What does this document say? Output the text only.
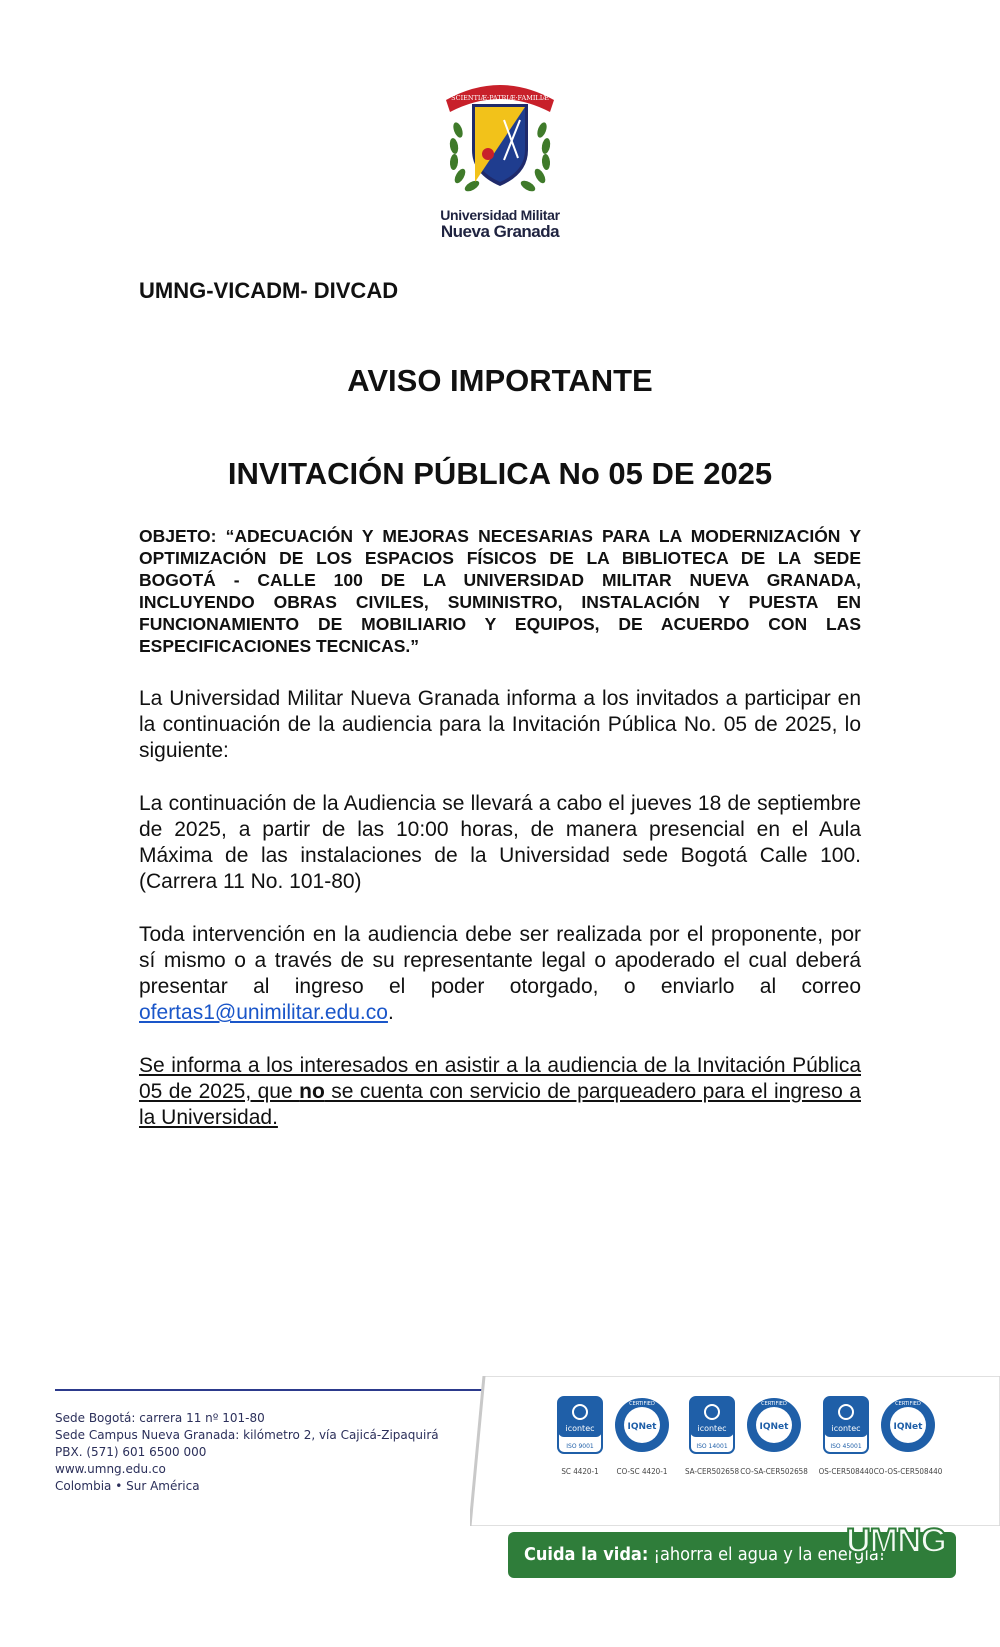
SCIENTIÆ·PATRIÆ·FAMILIÆ
Universidad Militar
Nueva Granada
UMNG-VICADM- DIVCAD
AVISO IMPORTANTE
INVITACIÓN PÚBLICA No 05 DE 2025
OBJETO: “ADECUACIÓN Y MEJORAS NECESARIAS PARA LA MODERNIZACIÓN Y OPTIMIZACIÓN DE LOS ESPACIOS FÍSICOS DE LA BIBLIOTECA DE LA SEDE BOGOTÁ - CALLE 100 DE LA UNIVERSIDAD MILITAR NUEVA GRANADA, INCLUYENDO OBRAS CIVILES, SUMINISTRO, INSTALACIÓN Y PUESTA EN FUNCIONAMIENTO DE MOBILIARIO Y EQUIPOS, DE ACUERDO CON LAS ESPECIFICACIONES TECNICAS.”
La Universidad Militar Nueva Granada informa a los invitados a participar en la continuación de la audiencia para la Invitación Pública No. 05 de 2025, lo siguiente:
La continuación de la Audiencia se llevará a cabo el jueves 18 de septiembre de 2025, a partir de las 10:00 horas, de manera presencial en el Aula Máxima de las instalaciones de la Universidad sede Bogotá Calle 100. (Carrera 11 No. 101-80)
Toda intervención en la audiencia debe ser realizada por el proponente, por sí mismo o a través de su representante legal o apoderado el cual deberá presentar al ingreso el poder otorgado, o enviarlo al correo ofertas1@unimilitar.edu.co.
Se informa a los interesados en asistir a la audiencia de la Invitación Pública 05 de 2025, que no se cuenta con servicio de parqueadero para el ingreso a la Universidad.
Sede Bogotá: carrera 11 nº 101-80
Sede Campus Nueva Granada: kilómetro 2, vía Cajicá-Zipaquirá
PBX. (571) 601 6500 000
www.umng.edu.co
Colombia • Sur América
icontec
ISO 9001
SC 4420-1
IQNet
CERTIFIED
CO-SC 4420-1
icontec
ISO 14001
SA-CER502658
IQNet
CERTIFIED
CO-SA-CER502658
icontec
ISO 45001
OS-CER508440
IQNet
CERTIFIED
CO-OS-CER508440
Cuida la vida: ¡ahorra el agua y la energía!
UMNG
